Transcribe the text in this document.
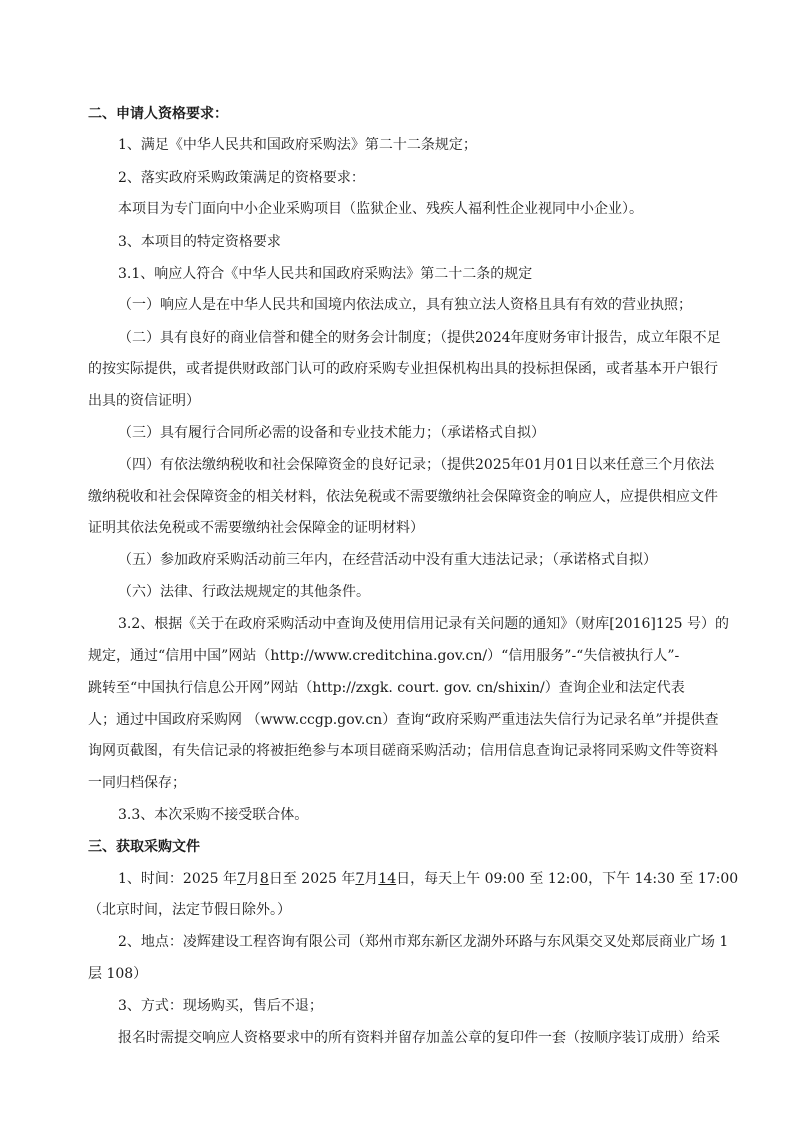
二、申请人资格要求：
1、满足《中华人民共和国政府采购法》第二十二条规定；
2、落实政府采购政策满足的资格要求：
本项目为专门面向中小企业采购项目（监狱企业、残疾人福利性企业视同中小企业）。
3、本项目的特定资格要求
3.1、响应人符合《中华人民共和国政府采购法》第二十二条的规定
（一）响应人是在中华人民共和国境内依法成立，具有独立法人资格且具有有效的营业执照；
（二）具有良好的商业信誉和健全的财务会计制度；（提供2024年度财务审计报告，成立年限不足
的按实际提供，或者提供财政部门认可的政府采购专业担保机构出具的投标担保函，或者基本开户银行
出具的资信证明）
（三）具有履行合同所必需的设备和专业技术能力；（承诺格式自拟）
（四）有依法缴纳税收和社会保障资金的良好记录；（提供2025年01月01日以来任意三个月依法
缴纳税收和社会保障资金的相关材料，依法免税或不需要缴纳社会保障资金的响应人，应提供相应文件
证明其依法免税或不需要缴纳社会保障金的证明材料）
（五）参加政府采购活动前三年内，在经营活动中没有重大违法记录；（承诺格式自拟）
（六）法律、行政法规规定的其他条件。
3.2、根据《关于在政府采购活动中查询及使用信用记录有关问题的通知》（财库[2016]125 号）的
规定，通过“信用中国”网站（http://www.creditchina.gov.cn/）“信用服务”-“失信被执行人”-
跳转至“中国执行信息公开网”网站（http://zxgk. court. gov. cn/shixin/）查询企业和法定代表
人；通过中国政府采购网 （www.ccgp.gov.cn）查询“政府采购严重违法失信行为记录名单”并提供查
询网页截图，有失信记录的将被拒绝参与本项目磋商采购活动；信用信息查询记录将同采购文件等资料
一同归档保存；
3.3、本次采购不接受联合体。
三、获取采购文件
1、时间：2025 年7月8日至 2025 年7月14日，每天上午 09:00 至 12:00，下午 14:30 至 17:00
（北京时间，法定节假日除外。）
2、地点：凌辉建设工程咨询有限公司（郑州市郑东新区龙湖外环路与东风渠交叉处郑辰商业广场 1
层 108）
3、方式：现场购买，售后不退；
报名时需提交响应人资格要求中的所有资料并留存加盖公章的复印件一套（按顺序装订成册）给采
